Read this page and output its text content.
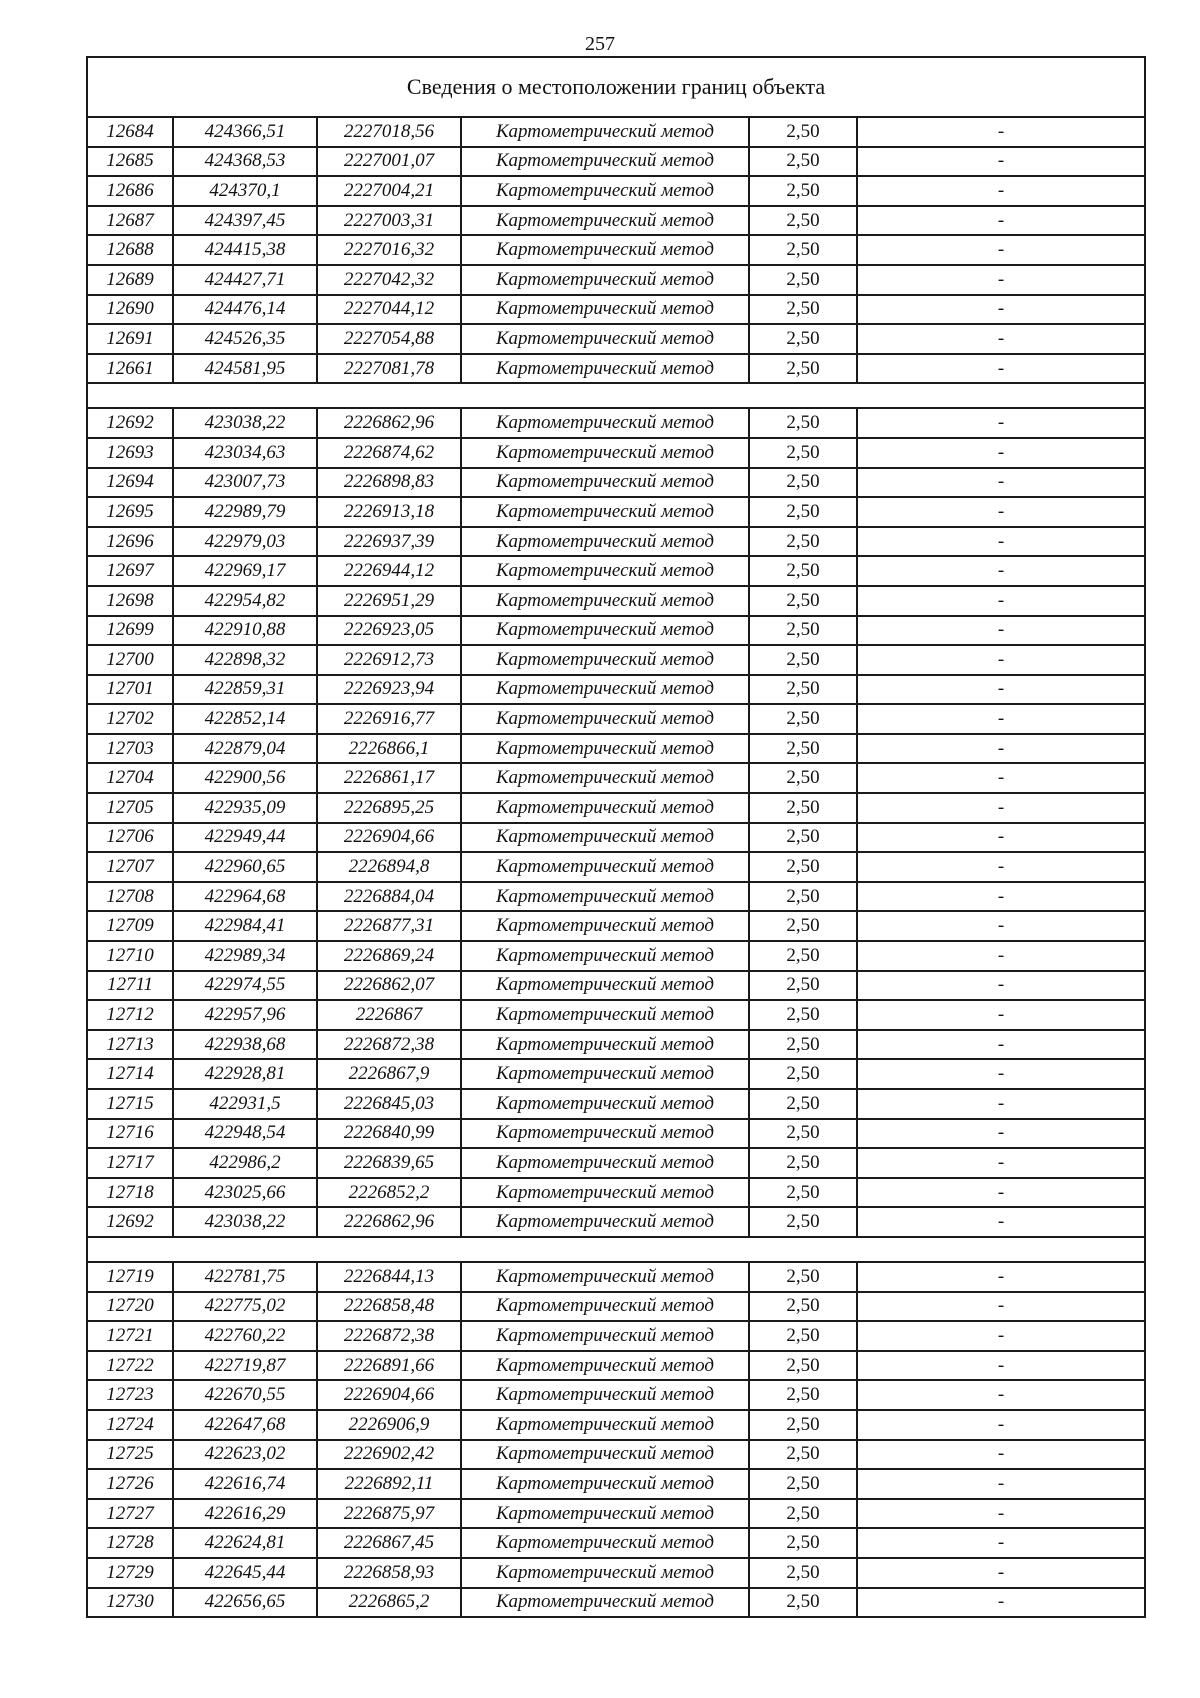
257
Сведения о местоположении границ объекта					
12684	424366,51	2227018,56	Картометрический метод	2,50	-
12685	424368,53	2227001,07	Картометрический метод	2,50	-
12686	424370,1	2227004,21	Картометрический метод	2,50	-
12687	424397,45	2227003,31	Картометрический метод	2,50	-
12688	424415,38	2227016,32	Картометрический метод	2,50	-
12689	424427,71	2227042,32	Картометрический метод	2,50	-
12690	424476,14	2227044,12	Картометрический метод	2,50	-
12691	424526,35	2227054,88	Картометрический метод	2,50	-
12661	424581,95	2227081,78	Картометрический метод	2,50	-

12692	423038,22	2226862,96	Картометрический метод	2,50	-
12693	423034,63	2226874,62	Картометрический метод	2,50	-
12694	423007,73	2226898,83	Картометрический метод	2,50	-
12695	422989,79	2226913,18	Картометрический метод	2,50	-
12696	422979,03	2226937,39	Картометрический метод	2,50	-
12697	422969,17	2226944,12	Картометрический метод	2,50	-
12698	422954,82	2226951,29	Картометрический метод	2,50	-
12699	422910,88	2226923,05	Картометрический метод	2,50	-
12700	422898,32	2226912,73	Картометрический метод	2,50	-
12701	422859,31	2226923,94	Картометрический метод	2,50	-
12702	422852,14	2226916,77	Картометрический метод	2,50	-
12703	422879,04	2226866,1	Картометрический метод	2,50	-
12704	422900,56	2226861,17	Картометрический метод	2,50	-
12705	422935,09	2226895,25	Картометрический метод	2,50	-
12706	422949,44	2226904,66	Картометрический метод	2,50	-
12707	422960,65	2226894,8	Картометрический метод	2,50	-
12708	422964,68	2226884,04	Картометрический метод	2,50	-
12709	422984,41	2226877,31	Картометрический метод	2,50	-
12710	422989,34	2226869,24	Картометрический метод	2,50	-
12711	422974,55	2226862,07	Картометрический метод	2,50	-
12712	422957,96	2226867	Картометрический метод	2,50	-
12713	422938,68	2226872,38	Картометрический метод	2,50	-
12714	422928,81	2226867,9	Картометрический метод	2,50	-
12715	422931,5	2226845,03	Картометрический метод	2,50	-
12716	422948,54	2226840,99	Картометрический метод	2,50	-
12717	422986,2	2226839,65	Картометрический метод	2,50	-
12718	423025,66	2226852,2	Картометрический метод	2,50	-
12692	423038,22	2226862,96	Картометрический метод	2,50	-

12719	422781,75	2226844,13	Картометрический метод	2,50	-
12720	422775,02	2226858,48	Картометрический метод	2,50	-
12721	422760,22	2226872,38	Картометрический метод	2,50	-
12722	422719,87	2226891,66	Картометрический метод	2,50	-
12723	422670,55	2226904,66	Картометрический метод	2,50	-
12724	422647,68	2226906,9	Картометрический метод	2,50	-
12725	422623,02	2226902,42	Картометрический метод	2,50	-
12726	422616,74	2226892,11	Картометрический метод	2,50	-
12727	422616,29	2226875,97	Картометрический метод	2,50	-
12728	422624,81	2226867,45	Картометрический метод	2,50	-
12729	422645,44	2226858,93	Картометрический метод	2,50	-
12730	422656,65	2226865,2	Картометрический метод	2,50	-
